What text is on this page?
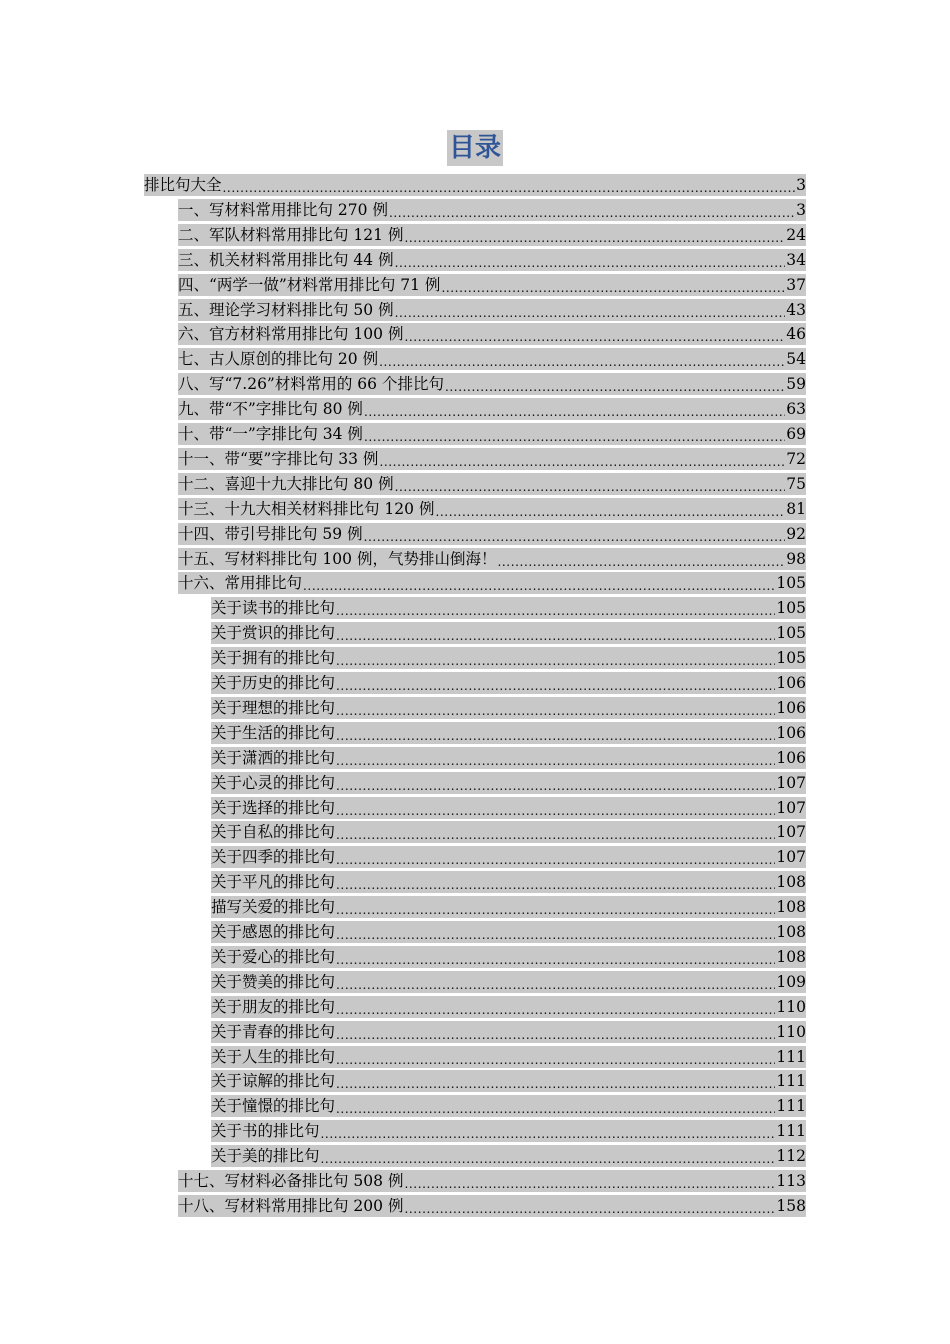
目录
排比句大全 .....	3
一、写材料常用排比句 270 例 .....	3
二、军队材料常用排比句 121 例 .....	24
三、机关材料常用排比句 44 例 .....	34
四、“两学一做”材料常用排比句 71 例 .....	37
五、理论学习材料排比句 50 例 .....	43
六、官方材料常用排比句 100 例 .....	46
七、古人原创的排比句 20 例 .....	54
八、写“7.26”材料常用的 66 个排比句 .....	59
九、带“不”字排比句 80 例 .....	63
十、带“一”字排比句 34 例 .....	69
十一、带“要”字排比句 33 例 .....	72
十二、喜迎十九大排比句 80 例 .....	75
十三、十九大相关材料排比句 120 例 .....	81
十四、带引号排比句 59 例 .....	92
十五、写材料排比句 100 例，气势排山倒海！ .....	98
十六、常用排比句 .....	105
关于读书的排比句 .....	105
关于赏识的排比句 .....	105
关于拥有的排比句 .....	105
关于历史的排比句 .....	106
关于理想的排比句 .....	106
关于生活的排比句 .....	106
关于潇洒的排比句 .....	106
关于心灵的排比句 .....	107
关于选择的排比句 .....	107
关于自私的排比句 .....	107
关于四季的排比句 .....	107
关于平凡的排比句 .....	108
描写关爱的排比句 .....	108
关于感恩的排比句 .....	108
关于爱心的排比句 .....	108
关于赞美的排比句 .....	109
关于朋友的排比句 .....	110
关于青春的排比句 .....	110
关于人生的排比句 .....	111
关于谅解的排比句 .....	111
关于憧憬的排比句 .....	111
关于书的排比句 .....	111
关于美的排比句 .....	112
十七、写材料必备排比句 508 例 .....	113
十八、写材料常用排比句 200 例 .....	158
